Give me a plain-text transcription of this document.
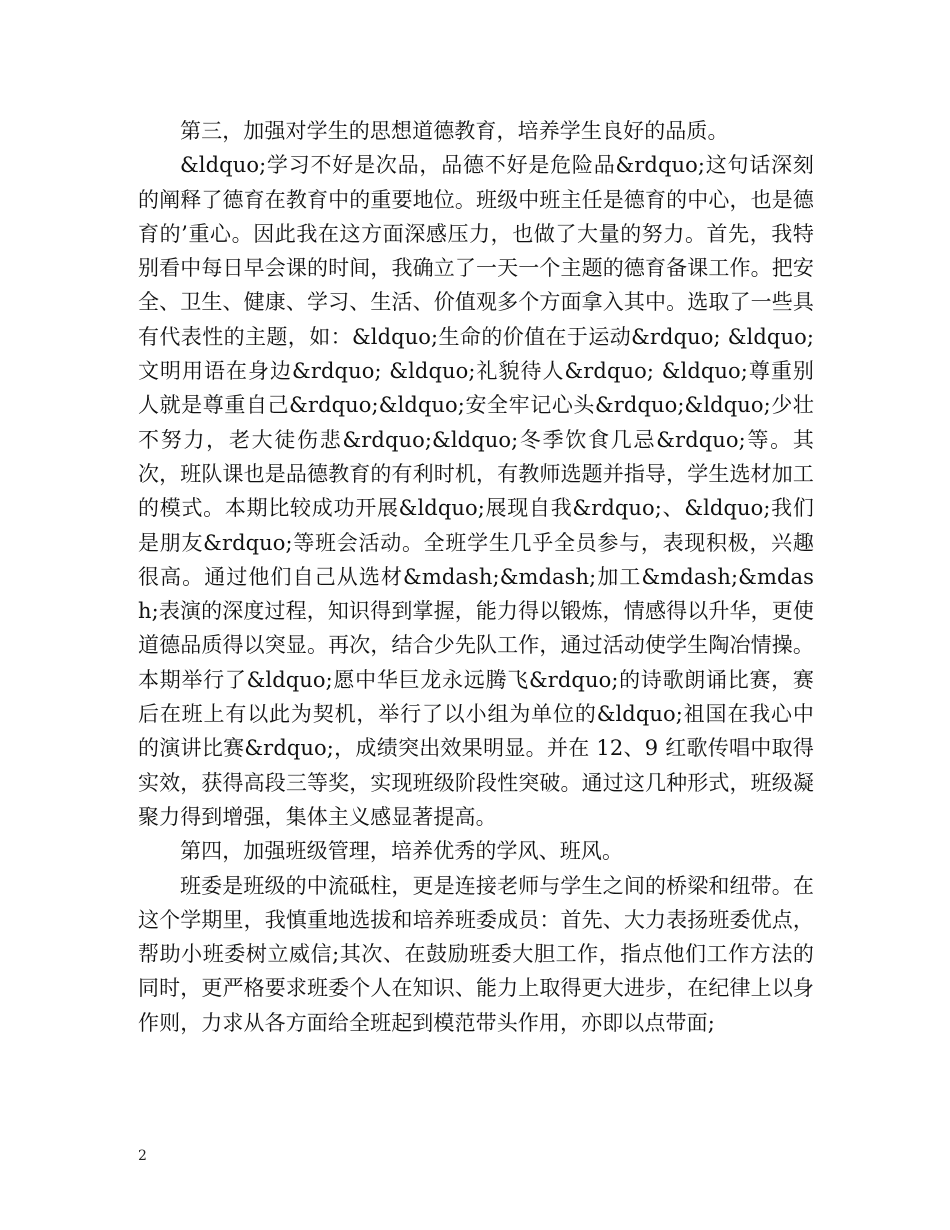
第三，加强对学生的思想道德教育，培养学生良好的品质。

&ldquo;学习不好是次品，品德不好是危险品&rdquo;这句话深刻的阐释了德育在教育中的重要地位。班级中班主任是德育的中心，也是德育的’重心。因此我在这方面深感压力，也做了大量的努力。首先，我特别看中每日早会课的时间，我确立了一天一个主题的德育备课工作。把安全、卫生、健康、学习、生活、价值观多个方面拿入其中。选取了一些具有代表性的主题，如：&ldquo;生命的价值在于运动&rdquo; &ldquo;文明用语在身边&rdquo; &ldquo;礼貌待人&rdquo; &ldquo;尊重别人就是尊重自己&rdquo;&ldquo;安全牢记心头&rdquo;&ldquo;少壮不努力，老大徒伤悲&rdquo;&ldquo;冬季饮食几忌&rdquo;等。其次，班队课也是品德教育的有利时机，有教师选题并指导，学生选材加工的模式。本期比较成功开展&ldquo;展现自我&rdquo;、&ldquo;我们是朋友&rdquo;等班会活动。全班学生几乎全员参与，表现积极，兴趣很高。通过他们自己从选材&mdash;&mdash;加工&mdash;&mdash;表演的深度过程，知识得到掌握，能力得以锻炼，情感得以升华，更使道德品质得以突显。再次，结合少先队工作，通过活动使学生陶冶情操。本期举行了&ldquo;愿中华巨龙永远腾飞&rdquo;的诗歌朗诵比赛，赛后在班上有以此为契机，举行了以小组为单位的&ldquo;祖国在我心中的演讲比赛&rdquo;，成绩突出效果明显。并在 12、9 红歌传唱中取得实效，获得高段三等奖，实现班级阶段性突破。通过这几种形式，班级凝聚力得到增强，集体主义感显著提高。

第四，加强班级管理，培养优秀的学风、班风。

班委是班级的中流砥柱，更是连接老师与学生之间的桥梁和纽带。在这个学期里，我慎重地选拔和培养班委成员：首先、大力表扬班委优点，帮助小班委树立威信;其次、在鼓励班委大胆工作，指点他们工作方法的同时，更严格要求班委个人在知识、能力上取得更大进步，在纪律上以身作则，力求从各方面给全班起到模范带头作用，亦即以点带面;

2
